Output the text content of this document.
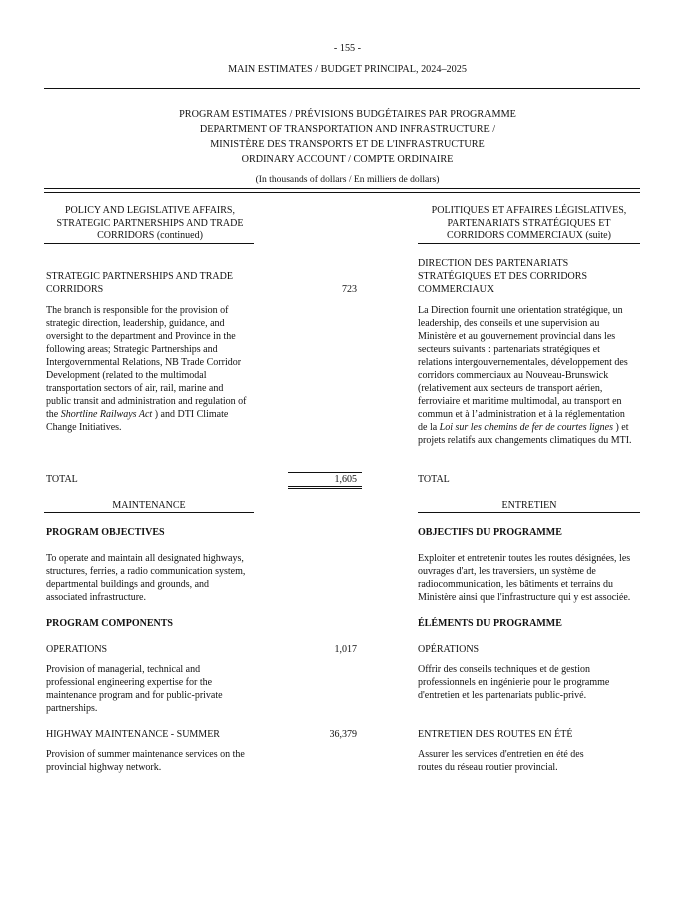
- 155 -
MAIN ESTIMATES / BUDGET PRINCIPAL, 2024–2025
PROGRAM ESTIMATES / PRÉVISIONS BUDGÉTAIRES PAR PROGRAMME
DEPARTMENT OF TRANSPORTATION AND INFRASTRUCTURE /
MINISTÈRE DES TRANSPORTS ET DE L'INFRASTRUCTURE
ORDINARY ACCOUNT / COMPTE ORDINAIRE
(In thousands of dollars / En milliers de dollars)
POLICY AND LEGISLATIVE AFFAIRS,
STRATEGIC PARTNERSHIPS AND TRADE
CORRIDORS (continued)
POLITIQUES ET AFFAIRES LÉGISLATIVES,
PARTENARIATS STRATÉGIQUES ET
CORRIDORS COMMERCIAUX (suite)
STRATEGIC PARTNERSHIPS AND TRADE
CORRIDORS	723
DIRECTION DES PARTENARIATS
STRATÉGIQUES ET DES CORRIDORS
COMMERCIAUX
The branch is responsible for the provision of
strategic direction, leadership, guidance, and
oversight to the department and Province in the
following areas; Strategic Partnerships and
Intergovernmental Relations, NB Trade Corridor
Development (related to the multimodal
transportation sectors of air, rail, marine and
public transit and administration and regulation of
the Shortline Railways Act ) and DTI Climate
Change Initiatives.
La Direction fournit une orientation stratégique, un
leadership, des conseils et une supervision au
Ministère et au gouvernement provincial dans les
secteurs suivants : partenariats stratégiques et
relations intergouvernementales, développement des
corridors commerciaux au Nouveau-Brunswick
(relativement aux secteurs de transport aérien,
ferroviaire et maritime multimodal, au transport en
commun et à l’administration et à la réglementation
de la Loi sur les chemins de fer de courtes lignes ) et
projets relatifs aux changements climatiques du MTI.
TOTAL	1,605	TOTAL
MAINTENANCE	ENTRETIEN
PROGRAM OBJECTIVES	OBJECTIFS DU PROGRAMME
To operate and maintain all designated highways,
structures, ferries, a radio communication system,
departmental buildings and grounds, and
associated infrastructure.
Exploiter et entretenir toutes les routes désignées, les
ouvrages d'art, les traversiers, un système de
radiocommunication, les bâtiments et terrains du
Ministère ainsi que l'infrastructure qui y est associée.
PROGRAM COMPONENTS	ÉLÉMENTS DU PROGRAMME
OPERATIONS	1,017	OPÉRATIONS
Provision of managerial, technical and
professional engineering expertise for the
maintenance program and for public-private
partnerships.
Offrir des conseils techniques et de gestion
professionnels en ingénierie pour le programme
d'entretien et les partenariats public-privé.
HIGHWAY MAINTENANCE - SUMMER	36,379	ENTRETIEN DES ROUTES EN ÉTÉ
Provision of summer maintenance services on the
provincial highway network.
Assurer les services d'entretien en été des
routes du réseau routier provincial.
